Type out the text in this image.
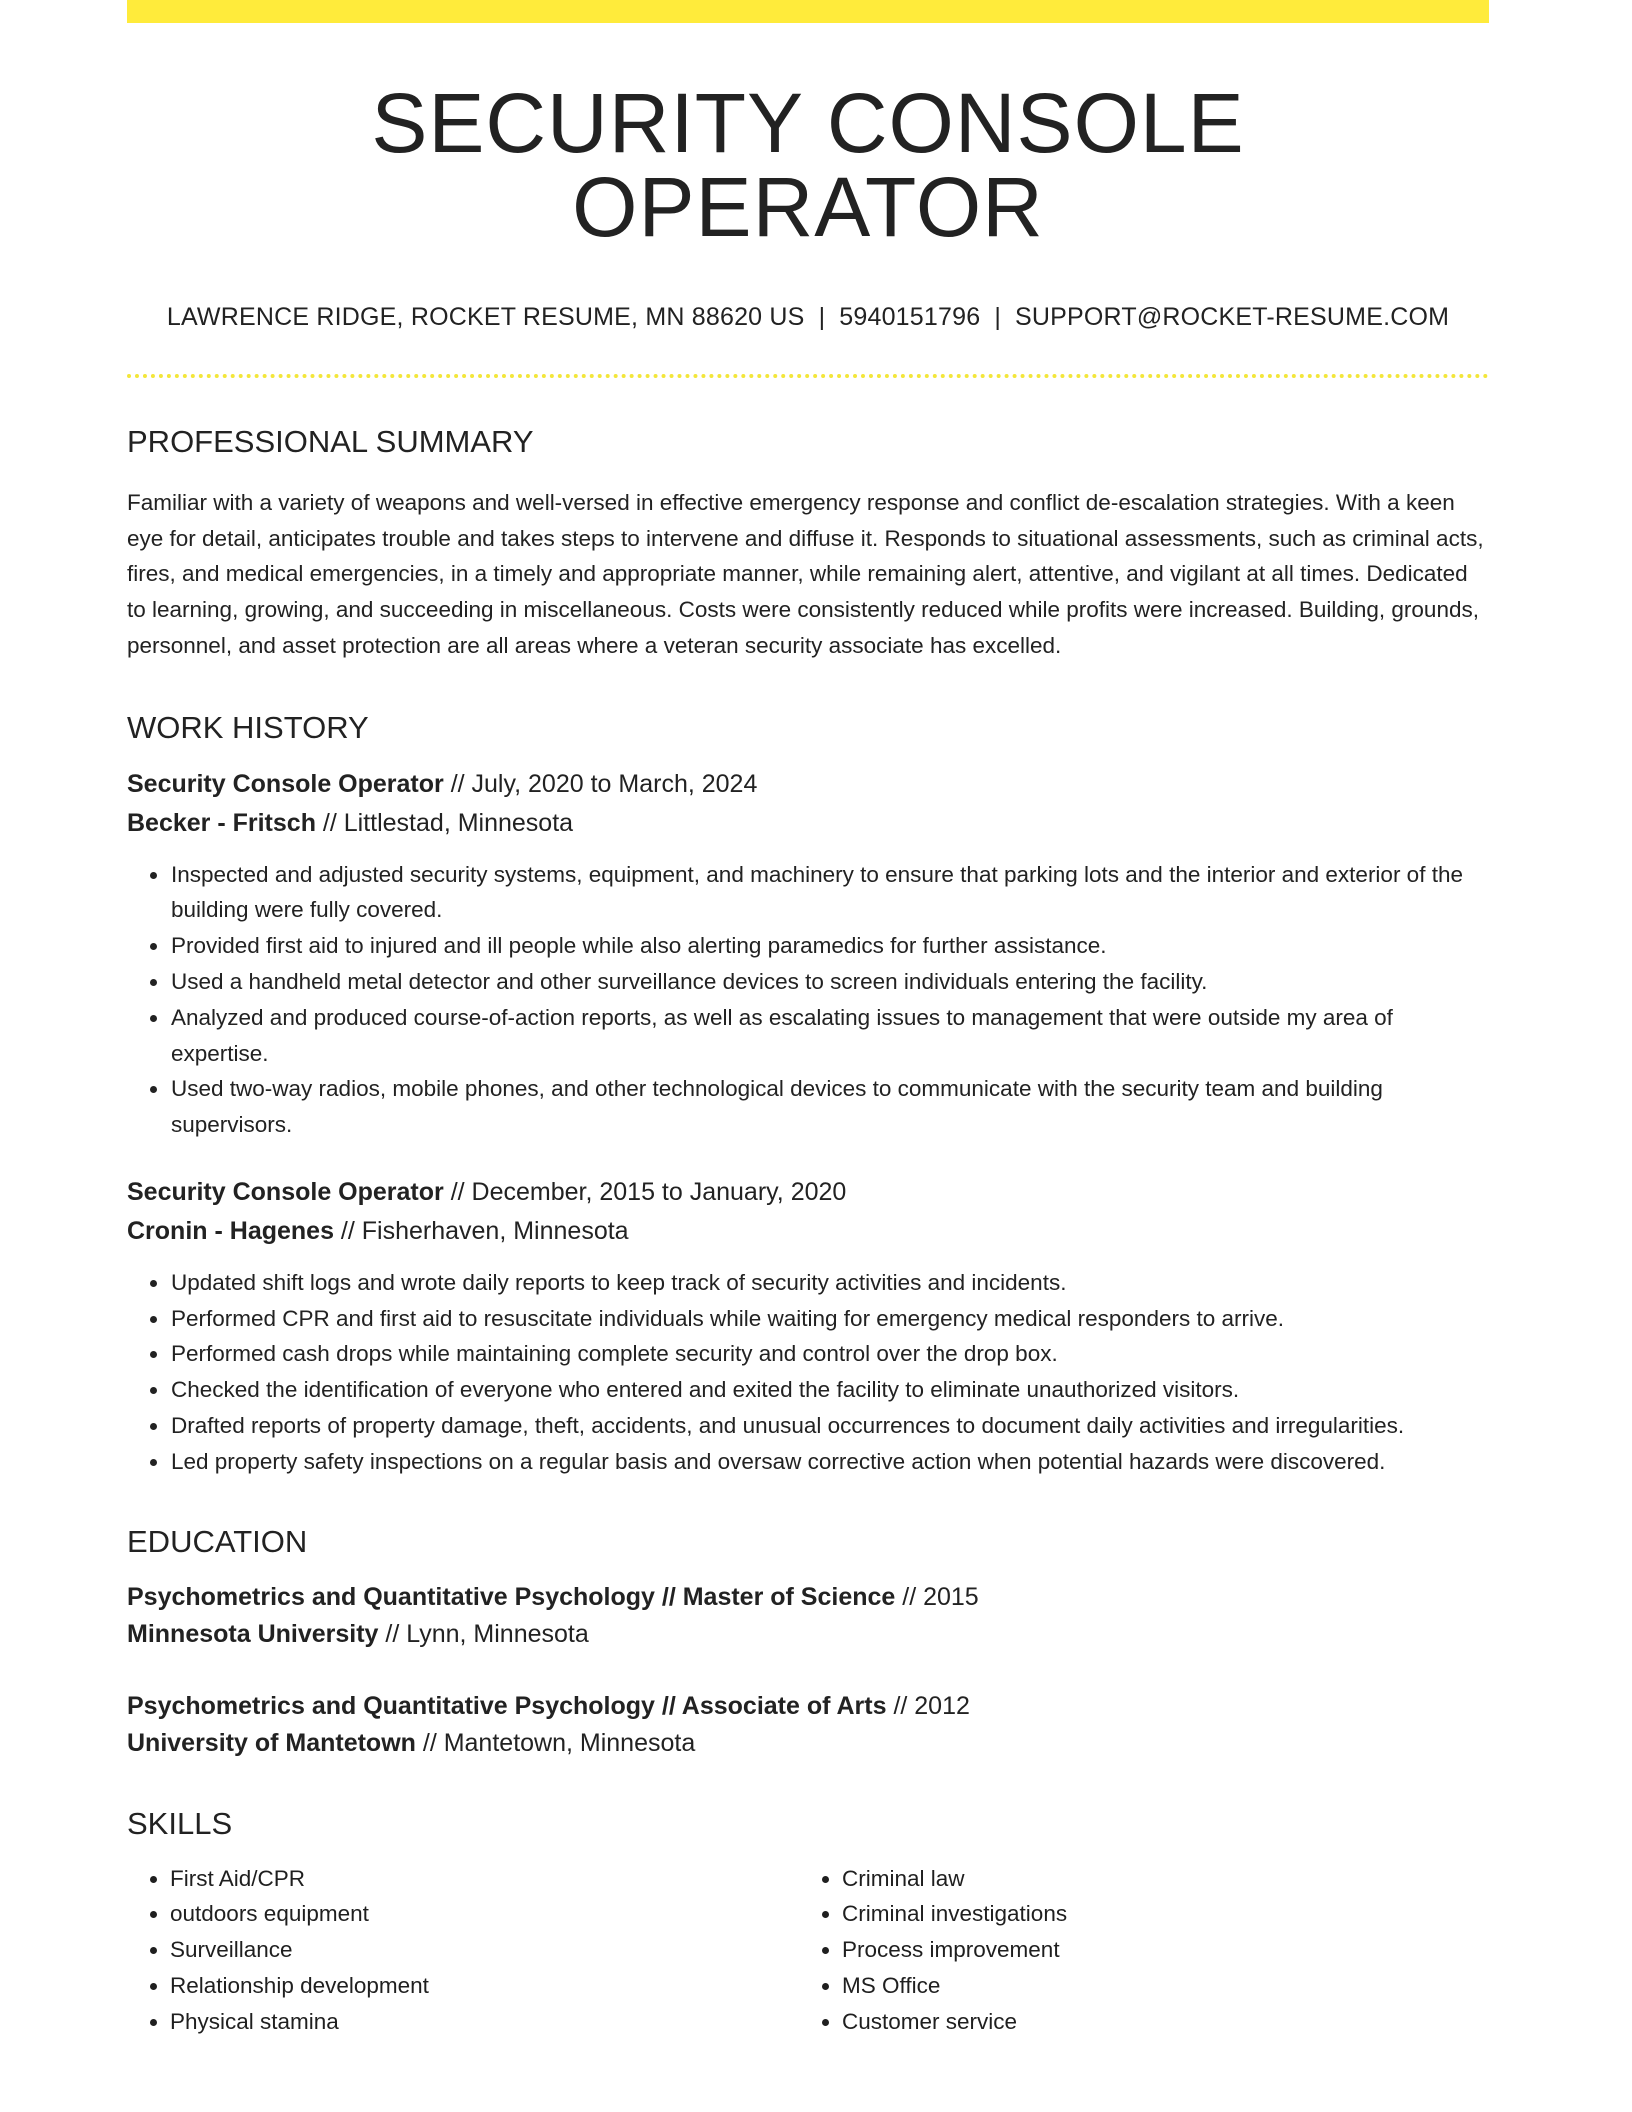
SECURITY CONSOLE OPERATOR
LAWRENCE RIDGE, ROCKET RESUME, MN 88620 US | 5940151796 | SUPPORT@ROCKET-RESUME.COM
PROFESSIONAL SUMMARY

Familiar with a variety of weapons and well-versed in effective emergency response and conflict de-escalation strategies. With a keen eye for detail, anticipates trouble and takes steps to intervene and diffuse it. Responds to situational assessments, such as criminal acts, fires, and medical emergencies, in a timely and appropriate manner, while remaining alert, attentive, and vigilant at all times. Dedicated to learning, growing, and succeeding in miscellaneous. Costs were consistently reduced while profits were increased. Building, grounds, personnel, and asset protection are all areas where a veteran security associate has excelled.

WORK HISTORY
Security Console Operator // July, 2020 to March, 2024
Becker - Fritsch // Littlestad, Minnesota
• Inspected and adjusted security systems, equipment, and machinery to ensure that parking lots and the interior and exterior of the building were fully covered.
• Provided first aid to injured and ill people while also alerting paramedics for further assistance.
• Used a handheld metal detector and other surveillance devices to screen individuals entering the facility.
• Analyzed and produced course-of-action reports, as well as escalating issues to management that were outside my area of expertise.
• Used two-way radios, mobile phones, and other technological devices to communicate with the security team and building supervisors.
Security Console Operator // December, 2015 to January, 2020
Cronin - Hagenes // Fisherhaven, Minnesota
• Updated shift logs and wrote daily reports to keep track of security activities and incidents.
• Performed CPR and first aid to resuscitate individuals while waiting for emergency medical responders to arrive.
• Performed cash drops while maintaining complete security and control over the drop box.
• Checked the identification of everyone who entered and exited the facility to eliminate unauthorized visitors.
• Drafted reports of property damage, theft, accidents, and unusual occurrences to document daily activities and irregularities.
• Led property safety inspections on a regular basis and oversaw corrective action when potential hazards were discovered.
EDUCATION
Psychometrics and Quantitative Psychology // Master of Science // 2015
Minnesota University // Lynn, Minnesota
Psychometrics and Quantitative Psychology // Associate of Arts // 2012
University of Mantetown // Mantetown, Minnesota
SKILLS
• First Aid/CPR
• outdoors equipment
• Surveillance
• Relationship development
• Physical stamina
• Criminal law
• Criminal investigations
• Process improvement
• MS Office
• Customer service
